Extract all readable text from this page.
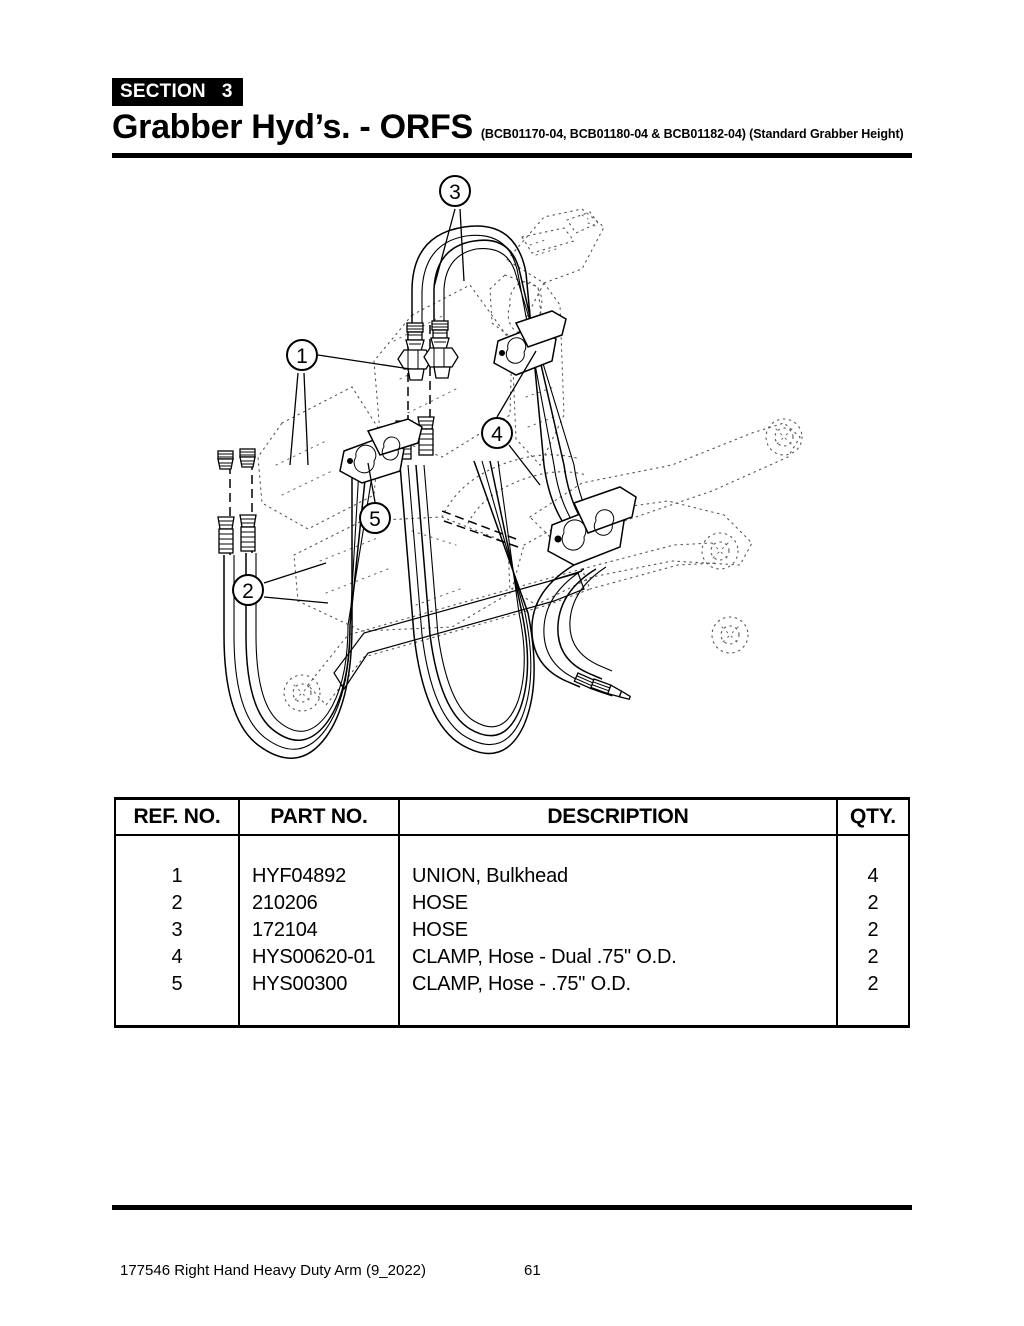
SECTION 3
Grabber Hyd’s. - ORFS (BCB01170-04, BCB01180-04 & BCB01182-04) (Standard Grabber Height)
3
1
4
5
2
REF. NO.	PART NO.	DESCRIPTION	QTY.

1	HYF04892	UNION, Bulkhead	4
2	210206	HOSE	2
3	172104	HOSE	2
4	HYS00620-01	CLAMP, Hose - Dual .75" O.D.	2
5	HYS00300	CLAMP, Hose - .75" O.D.	2

177546 Right Hand Heavy Duty Arm (9_2022)	61
